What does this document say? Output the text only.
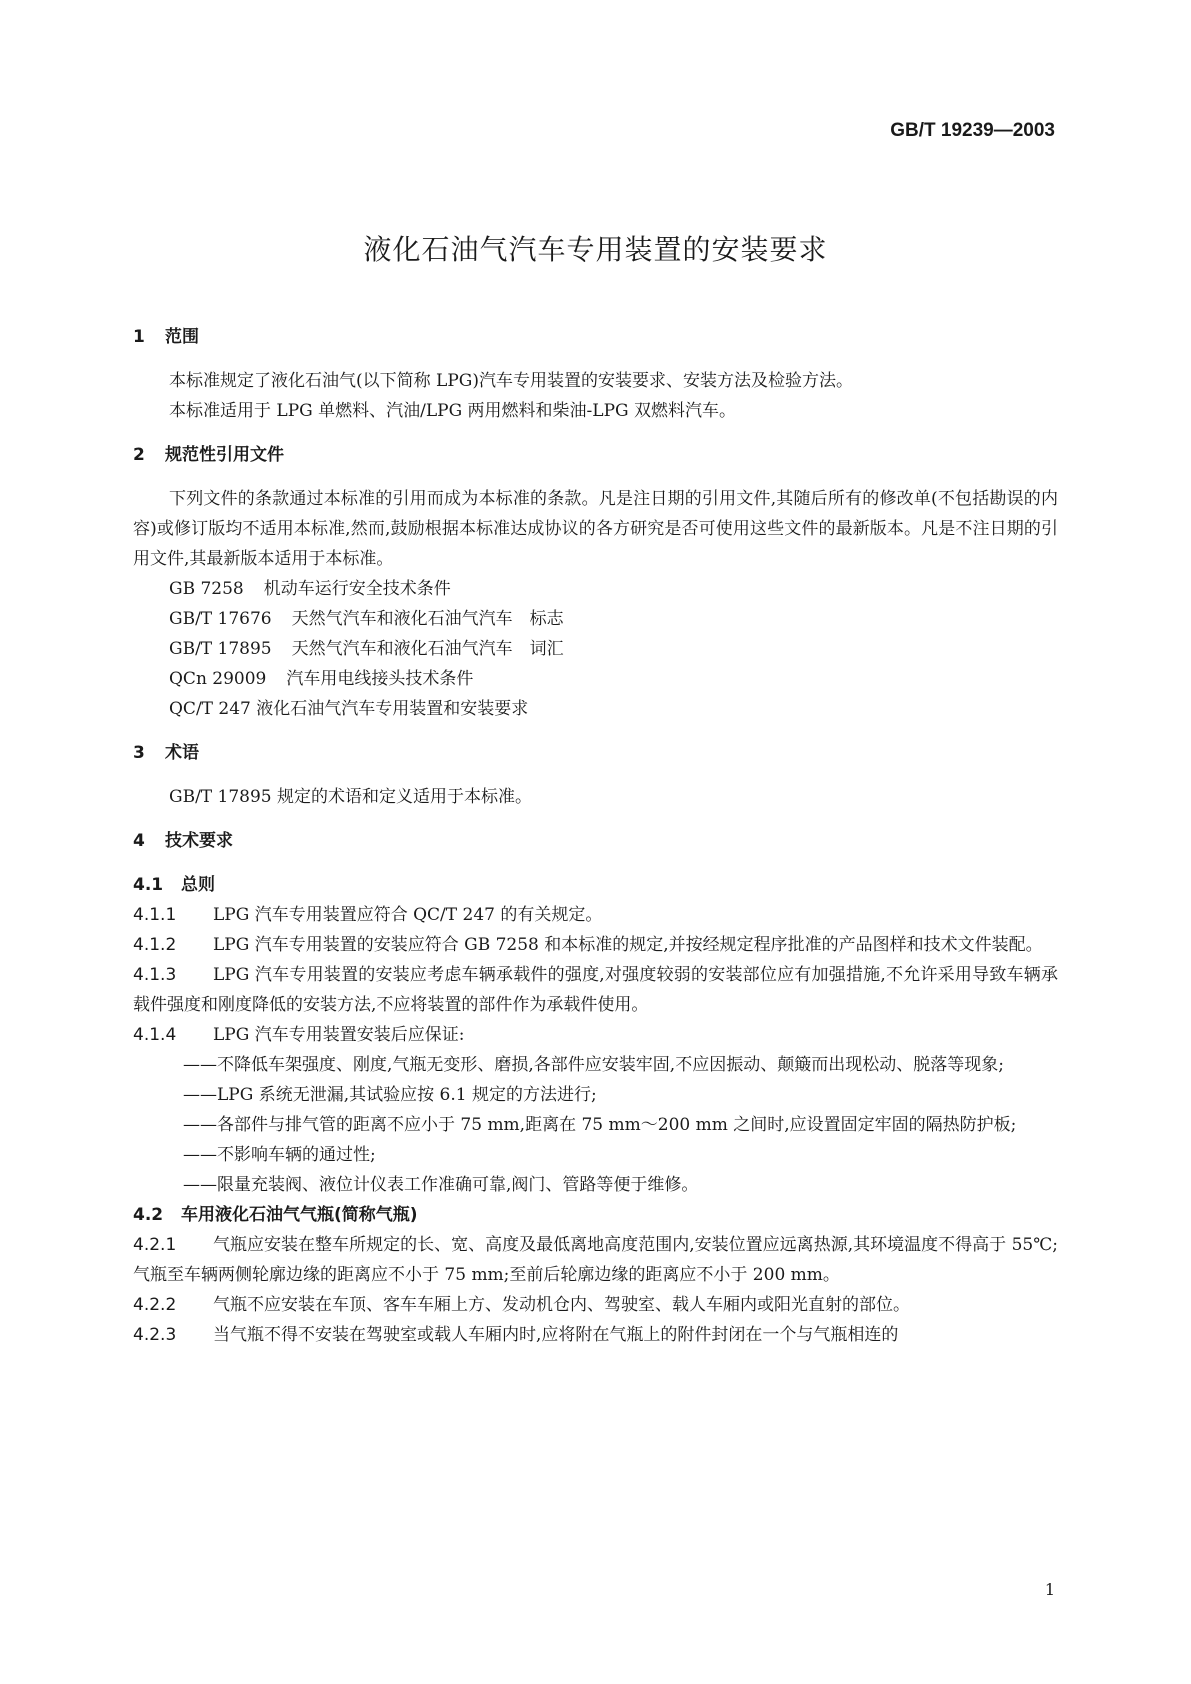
GB/T 19239—2003
液化石油气汽车专用装置的安装要求
1 范围
本标准规定了液化石油气(以下简称 LPG)汽车专用装置的安装要求、安装方法及检验方法。
本标准适用于 LPG 单燃料、汽油/LPG 两用燃料和柴油-LPG 双燃料汽车。
2 规范性引用文件
下列文件的条款通过本标准的引用而成为本标准的条款。凡是注日期的引用文件,其随后所有的修改单(不包括勘误的内容)或修订版均不适用本标准,然而,鼓励根据本标准达成协议的各方研究是否可使用这些文件的最新版本。凡是不注日期的引用文件,其最新版本适用于本标准。
GB 7258 机动车运行安全技术条件
GB/T 17676 天然气汽车和液化石油气汽车　标志
GB/T 17895 天然气汽车和液化石油气汽车　词汇
QCn 29009 汽车用电线接头技术条件
QC/T 247 液化石油气汽车专用装置和安装要求
3 术语
GB/T 17895 规定的术语和定义适用于本标准。
4 技术要求
4.1 总则
4.1.1 LPG 汽车专用装置应符合 QC/T 247 的有关规定。
4.1.2 LPG 汽车专用装置的安装应符合 GB 7258 和本标准的规定,并按经规定程序批准的产品图样和技术文件装配。
4.1.3 LPG 汽车专用装置的安装应考虑车辆承载件的强度,对强度较弱的安装部位应有加强措施,不允许采用导致车辆承载件强度和刚度降低的安装方法,不应将装置的部件作为承载件使用。
4.1.4 LPG 汽车专用装置安装后应保证:
——不降低车架强度、刚度,气瓶无变形、磨损,各部件应安装牢固,不应因振动、颠簸而出现松动、脱落等现象;
——LPG 系统无泄漏,其试验应按 6.1 规定的方法进行;
——各部件与排气管的距离不应小于 75 mm,距离在 75 mm～200 mm 之间时,应设置固定牢固的隔热防护板;
——不影响车辆的通过性;
——限量充装阀、液位计仪表工作准确可靠,阀门、管路等便于维修。
4.2 车用液化石油气气瓶(简称气瓶)
4.2.1 气瓶应安装在整车所规定的长、宽、高度及最低离地高度范围内,安装位置应远离热源,其环境温度不得高于 55℃;气瓶至车辆两侧轮廓边缘的距离应不小于 75 mm;至前后轮廓边缘的距离应不小于 200 mm。
4.2.2 气瓶不应安装在车顶、客车车厢上方、发动机仓内、驾驶室、载人车厢内或阳光直射的部位。
4.2.3 当气瓶不得不安装在驾驶室或载人车厢内时,应将附在气瓶上的附件封闭在一个与气瓶相连的
1
